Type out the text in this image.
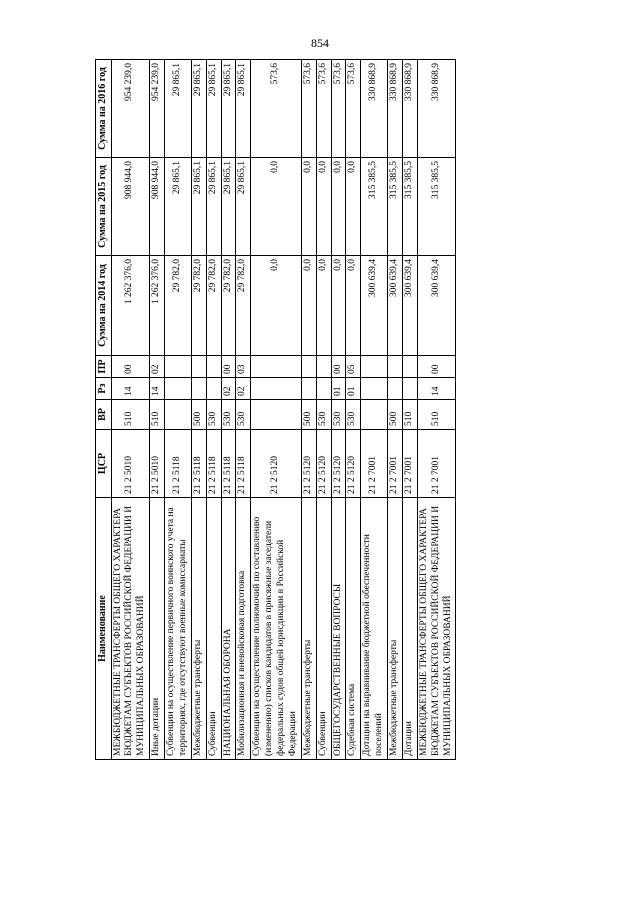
854
Наименование	ЦСР	ВР	Рз	ПР	Сумма на 2014 год	Сумма на 2015 год	Сумма на 2016 год
МЕЖБЮДЖЕТНЫЕ ТРАНСФЕРТЫ ОБЩЕГО ХАРАКТЕРА БЮДЖЕТАМ СУБЪЕКТОВ РОССИЙСКОЙ ФЕДЕРАЦИИ И МУНИЦИПАЛЬНЫХ ОБРАЗОВАНИЙ	21 2 5010	510	14	00	1 262 376,0	908 944,0	954 239,0
Иные дотации	21 2 5010	510	14	02	1 262 376,0	908 944,0	954 239,0
Субвенции на осуществление первичного воинского учета на территориях, где отсутствуют военные комиссариаты	21 2 5118				29 782,0	29 865,1	29 865,1
Межбюджетные трансферты	21 2 5118	500			29 782,0	29 865,1	29 865,1
Субвенции	21 2 5118	530			29 782,0	29 865,1	29 865,1
НАЦИОНАЛЬНАЯ ОБОРОНА	21 2 5118	530	02	00	29 782,0	29 865,1	29 865,1
Мобилизационная и вневойсковая подготовка	21 2 5118	530	02	03	29 782,0	29 865,1	29 865,1
Субвенции на осуществление полномочий по составлению (изменению) списков кандидатов в присяжные заседатели федеральных судов общей юрисдикции в Российской Федерации	21 2 5120				0,0	0,0	573,6
Межбюджетные трансферты	21 2 5120	500			0,0	0,0	573,6
Субвенции	21 2 5120	530			0,0	0,0	573,6
ОБЩЕГОСУДАРСТВЕННЫЕ ВОПРОСЫ	21 2 5120	530	01	00	0,0	0,0	573,6
Судебная система	21 2 5120	530	01	05	0,0	0,0	573,6
Дотации на выравнивание бюджетной обеспеченности поселений	21 2 7001				300 639,4	315 385,5	330 868,9
Межбюджетные трансферты	21 2 7001	500			300 639,4	315 385,5	330 868,9
Дотации	21 2 7001	510			300 639,4	315 385,5	330 868,9
МЕЖБЮДЖЕТНЫЕ ТРАНСФЕРТЫ ОБЩЕГО ХАРАКТЕРА БЮДЖЕТАМ СУБЪЕКТОВ РОССИЙСКОЙ ФЕДЕРАЦИИ И МУНИЦИПАЛЬНЫХ ОБРАЗОВАНИЙ	21 2 7001	510	14	00	300 639,4	315 385,5	330 868,9
